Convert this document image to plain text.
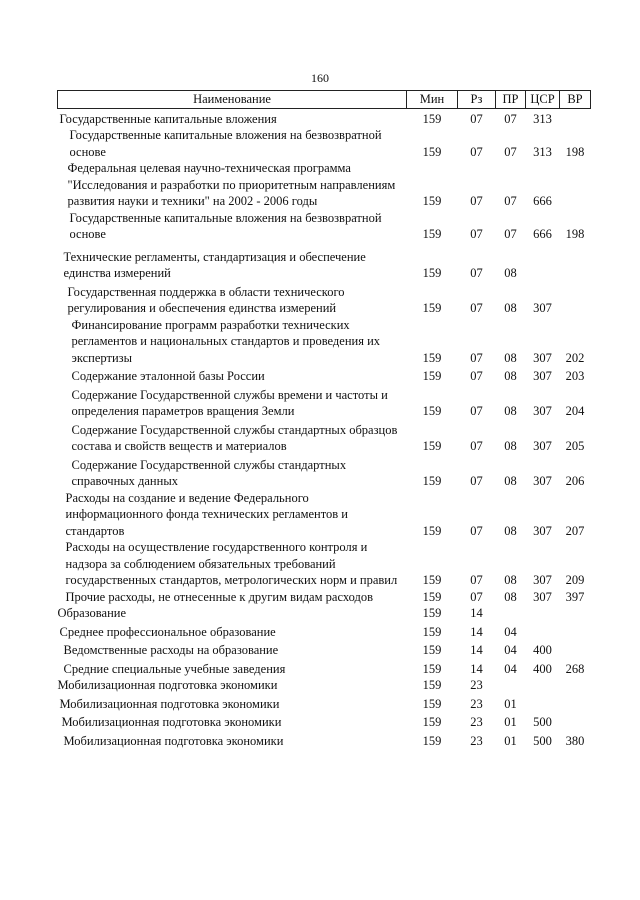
160
Наименование	Мин	Рз	ПР	ЦСР	ВР
Государственные капитальные вложения	159	07	07	313	
Государственные капитальные вложения на безвозвратной основе	159	07	07	313	198
Федеральная целевая научно-техническая программа "Исследования и разработки по приоритетным направлениям развития науки и техники" на 2002 - 2006 годы	159	07	07	666	
Государственные капитальные вложения на безвозвратной основе	159	07	07	666	198
Технические регламенты, стандартизация и обеспечение единства измерений	159	07	08		
Государственная поддержка в области технического регулирования и обеспечения единства измерений	159	07	08	307	
Финансирование программ разработки технических регламентов и национальных стандартов и проведения их экспертизы	159	07	08	307	202
Содержание эталонной базы России	159	07	08	307	203
Содержание Государственной службы времени и частоты и определения параметров вращения Земли	159	07	08	307	204
Содержание Государственной службы стандартных образцов состава и свойств веществ и материалов	159	07	08	307	205
Содержание Государственной службы стандартных справочных данных	159	07	08	307	206
Расходы на создание и ведение Федерального информационного фонда технических регламентов и стандартов	159	07	08	307	207
Расходы на осуществление государственного контроля и надзора за соблюдением обязательных требований государственных стандартов, метрологических норм и правил	159	07	08	307	209
Прочие расходы, не отнесенные к другим видам расходов	159	07	08	307	397
Образование	159	14			
Среднее профессиональное образование	159	14	04		
Ведомственные расходы на образование	159	14	04	400	
Средние специальные учебные заведения	159	14	04	400	268
Мобилизационная подготовка экономики	159	23			
Мобилизационная подготовка экономики	159	23	01		
Мобилизационная подготовка экономики	159	23	01	500	
Мобилизационная подготовка экономики	159	23	01	500	380
